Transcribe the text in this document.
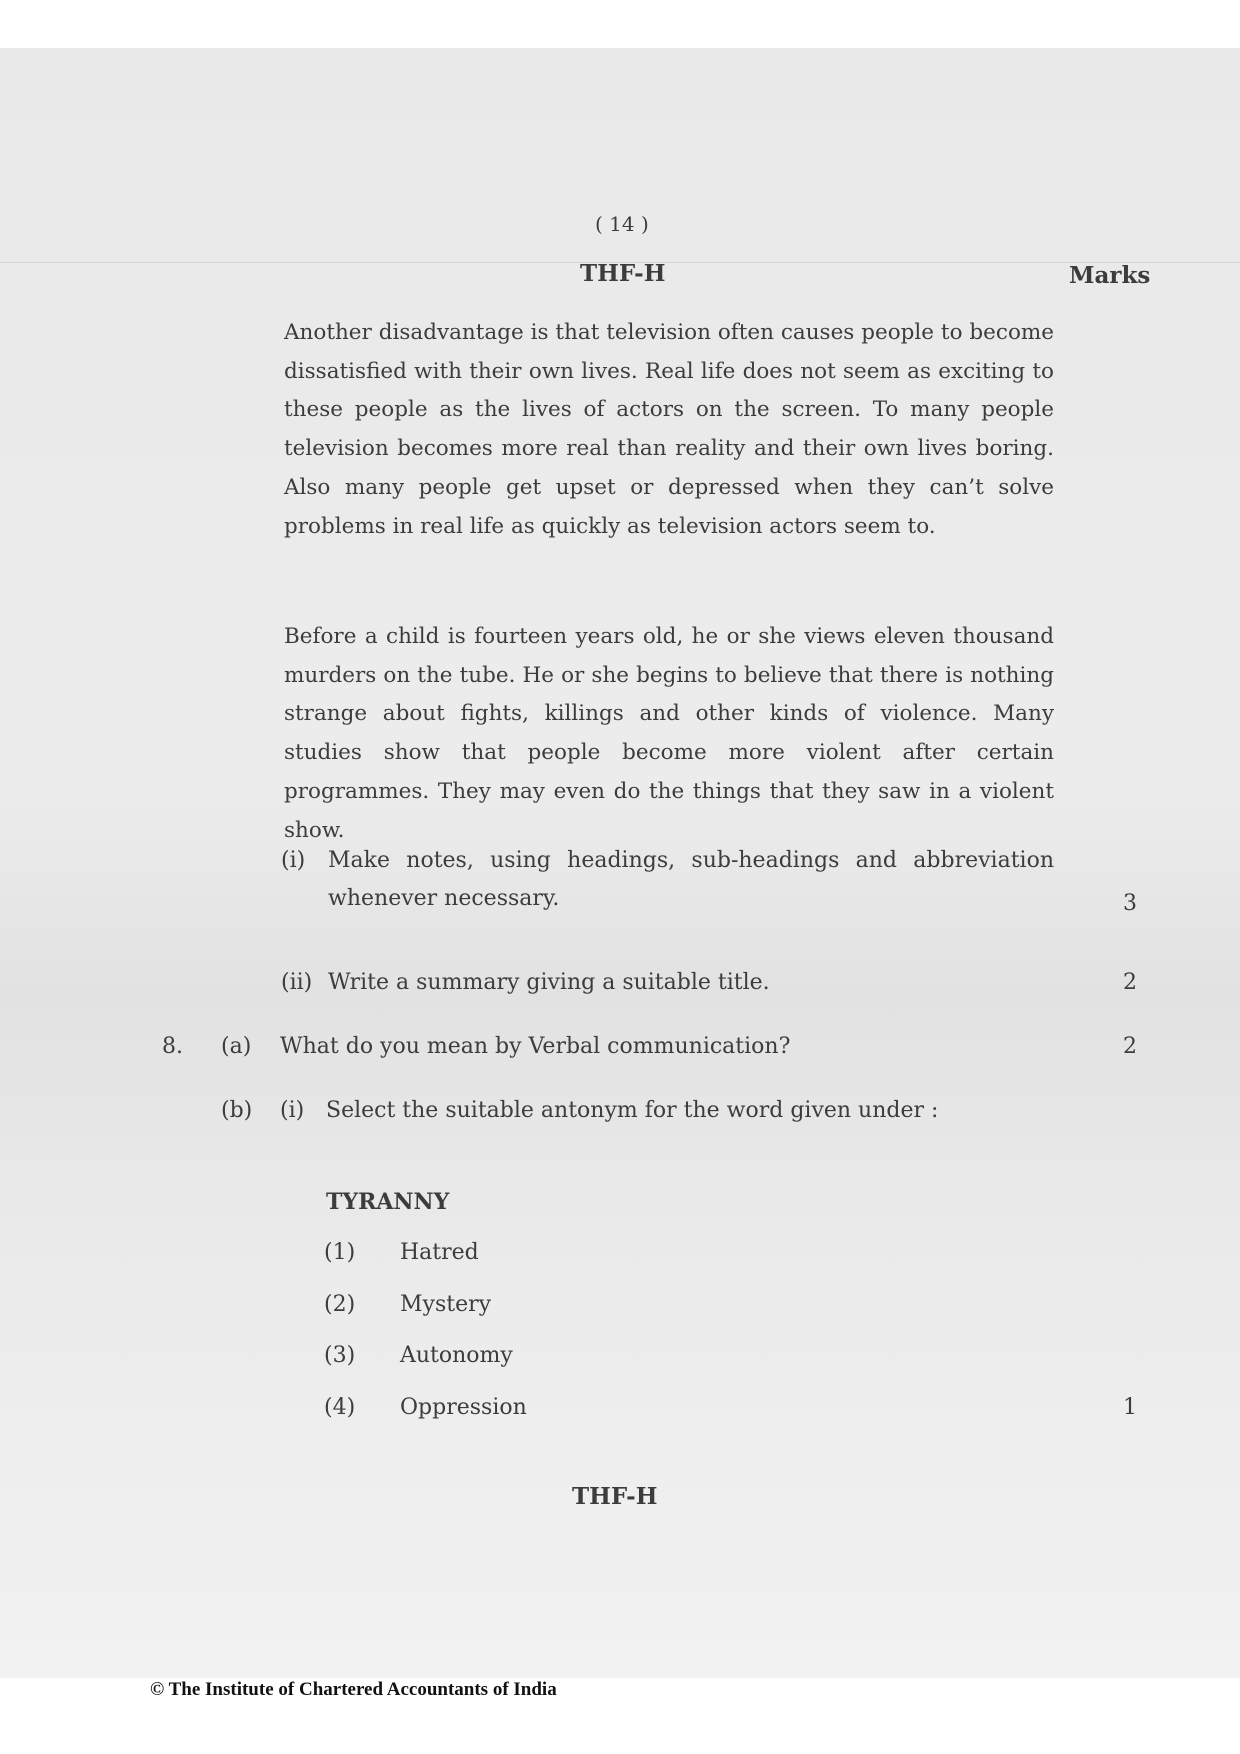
( 14 )
THF-H	Marks

Another disadvantage is that television often causes people to become dissatisfied with their own lives. Real life does not seem as exciting to these people as the lives of actors on the screen. To many people television becomes more real than reality and their own lives boring. Also many people get upset or depressed when they can’t solve problems in real life as quickly as television actors seem to.

Before a child is fourteen years old, he or she views eleven thousand murders on the tube. He or she begins to believe that there is nothing strange about fights, killings and other kinds of violence. Many studies show that people become more violent after certain programmes. They may even do the things that they saw in a violent show.

(i) Make notes, using headings, sub-headings and abbreviation
whenever necessary.	3
(ii) Write a summary giving a suitable title.	2
8. (a) What do you mean by Verbal communication?	2
(b) (i) Select the suitable antonym for the word given under :
TYRANNY
(1) Hatred
(2) Mystery
(3) Autonomy
(4) Oppression	1
THF-H
© The Institute of Chartered Accountants of India
